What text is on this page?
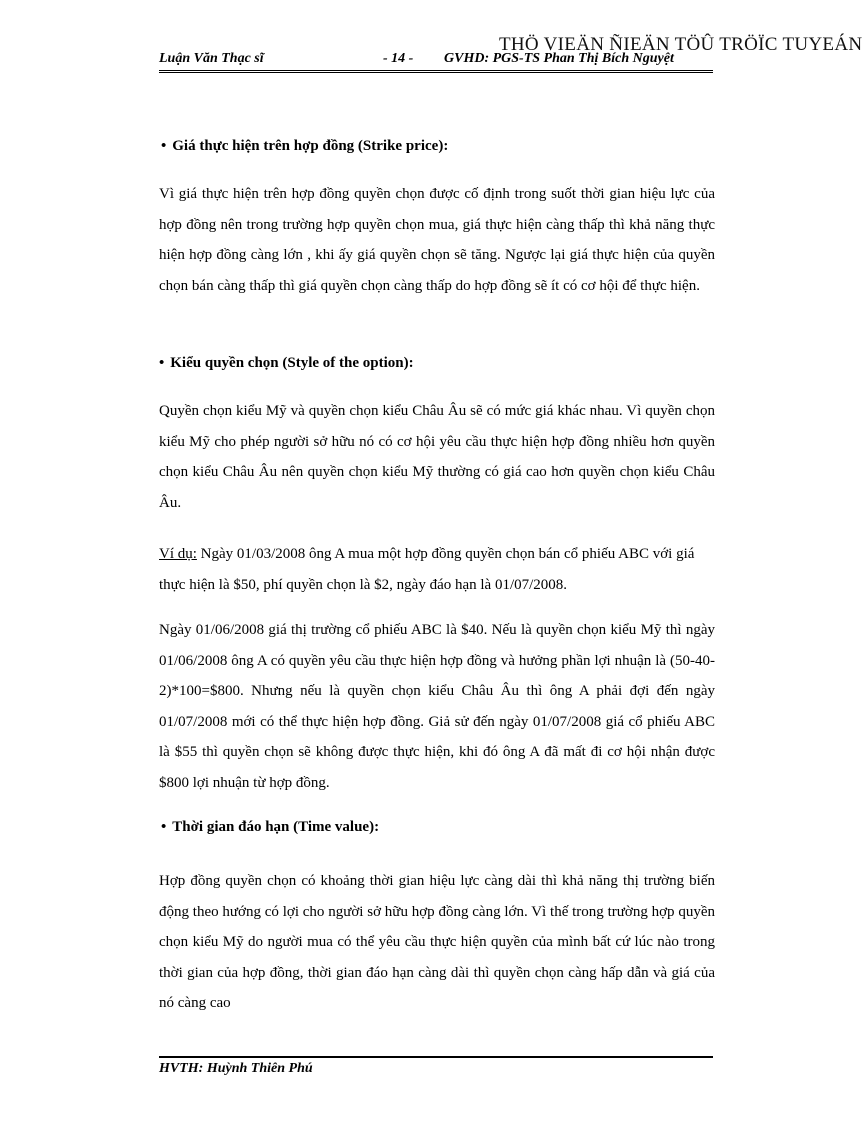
THÖ VIEÄN ÑIEÄN TÖÛ TRÖÏC TUYEÁN
Luận Văn Thạc sĩ	- 14 - GVHD: PGS-TS Phan Thị Bích Nguyệt
• Giá thực hiện trên hợp đồng (Strike price):
Vì giá thực hiện trên hợp đồng quyền chọn được cố định trong suốt thời gian hiệu lực của hợp đồng nên trong trường hợp quyền chọn mua, giá thực hiện càng thấp thì khả năng thực hiện hợp đồng càng lớn , khi ấy giá quyền chọn sẽ tăng. Ngược lại giá thực hiện của quyền chọn bán càng thấp thì giá quyền chọn càng thấp do hợp đồng sẽ ít có cơ hội để thực hiện.
• Kiểu quyền chọn (Style of the option):
Quyền chọn kiểu Mỹ và quyền chọn kiểu Châu Âu sẽ có mức giá khác nhau. Vì quyền chọn kiểu Mỹ cho phép người sở hữu nó có cơ hội yêu cầu thực hiện hợp đồng nhiều hơn quyền chọn kiểu Châu Âu nên quyền chọn kiểu Mỹ thường có giá cao hơn quyền chọn kiểu Châu Âu.
Ví dụ: Ngày 01/03/2008 ông A mua một hợp đồng quyền chọn bán cổ phiếu ABC với giá thực hiện là $50, phí quyền chọn là $2, ngày đáo hạn là 01/07/2008.
Ngày 01/06/2008 giá thị trường cổ phiếu ABC là $40. Nếu là quyền chọn kiểu Mỹ thì ngày 01/06/2008 ông A có quyền yêu cầu thực hiện hợp đồng và hưởng phần lợi nhuận là (50-40-2)*100=$800. Nhưng nếu là quyền chọn kiểu Châu Âu thì ông A phải đợi đến ngày 01/07/2008 mới có thể thực hiện hợp đồng. Giả sử đến ngày 01/07/2008 giá cổ phiếu ABC là $55 thì quyền chọn sẽ không được thực hiện, khi đó ông A đã mất đi cơ hội nhận được $800 lợi nhuận từ hợp đồng.
• Thời gian đáo hạn (Time value):
Hợp đồng quyền chọn có khoảng thời gian hiệu lực càng dài thì khả năng thị trường biến động theo hướng có lợi cho người sở hữu hợp đồng càng lớn. Vì thế trong trường hợp quyền chọn kiểu Mỹ do người mua có thể yêu cầu thực hiện quyền của mình bất cứ lúc nào trong thời gian của hợp đồng, thời gian đáo hạn càng dài thì quyền chọn càng hấp dẫn và giá của nó càng cao
HVTH: Huỳnh Thiên Phú
